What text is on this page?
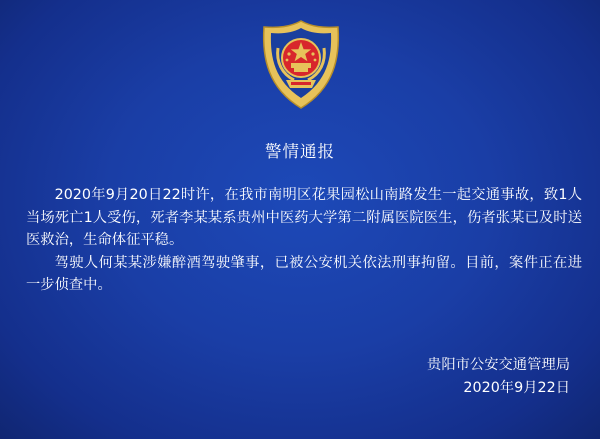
警情通报

2020年9月20日22时许，在我市南明区花果园松山南路发生一起交通事故，致1人当场死亡1人受伤，死者李某某系贵州中医药大学第二附属医院医生，伤者张某已及时送医救治，生命体征平稳。

驾驶人何某某涉嫌醉酒驾驶肇事，已被公安机关依法刑事拘留。目前，案件正在进一步侦查中。

贵阳市公安交通管理局
2020年9月22日
